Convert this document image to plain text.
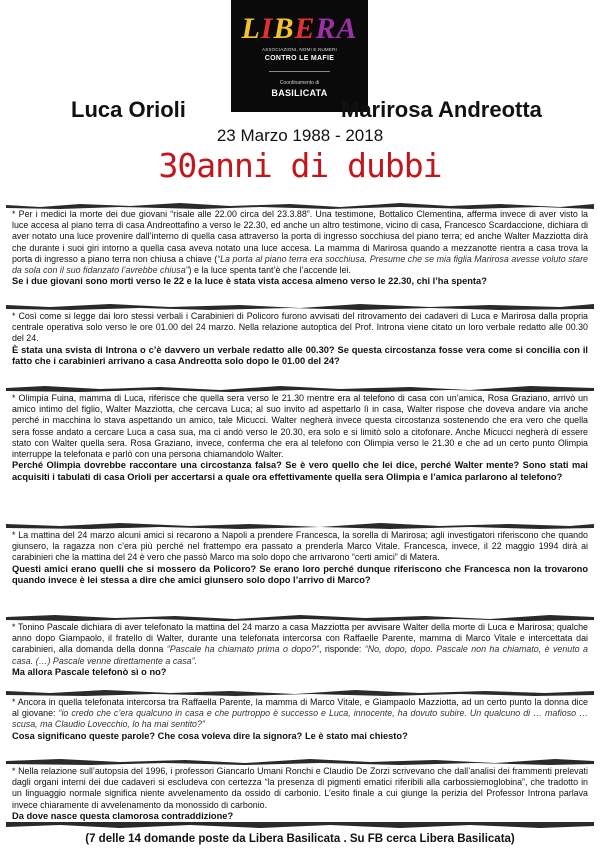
LIBERA
ASSOCIAZIONI, NOMI E NUMERI
CONTRO LE MAFIE
Coordinamento di
BASILICATA
Luca Orioli	Marirosa Andreotta
23 Marzo 1988 - 2018
30anni di dubbi

* Per i medici la morte dei due giovani “risale alle 22.00 circa del 23.3.88”. Una testimone, Bottalico Clementina, afferma invece di aver visto la luce accesa al piano terra di casa Andreottafino a verso le 22.30, ed anche un altro testimone, vicino di casa, Francesco Scardaccione, dichiara di aver notato una luce provenire dall’interno di quella casa attraverso la porta di ingresso socchiusa del piano terra; ed anche Walter Mazziotta dirà che durante i suoi giri intorno a quella casa aveva notato una luce accesa. La mamma di Marirosa quando a mezzanotte rientra a casa trova la porta di ingresso a piano terra non chiusa a chiave (“La porta al piano terra era socchiusa. Presume che se mia figlia Marirosa avesse voluto stare da sola con il suo fidanzato l’avrebbe chiusa”) e la luce spenta tant’è che l’accende lei.

Se i due giovani sono morti verso le 22 e la luce è stata vista accesa almeno verso le 22.30, chi l’ha spenta?

* Così come si legge dai loro stessi verbali i Carabinieri di Policoro furono avvisati del ritrovamento dei cadaveri di Luca e Marirosa dalla propria centrale operativa solo verso le ore 01.00 del 24 marzo. Nella relazione autoptica del Prof. Introna viene citato un loro verbale redatto alle 00.30 del 24.

È stata una svista di Introna o c’è davvero un verbale redatto alle 00.30? Se questa circostanza fosse vera come si concilia con il fatto che i carabinieri arrivano a casa Andreotta solo dopo le 01.00 del 24?

* Olimpia Fuina, mamma di Luca, riferisce che quella sera verso le 21.30 mentre era al telefono di casa con un’amica, Rosa Graziano, arrivò un amico intimo del figlio, Walter Mazziotta, che cercava Luca; al suo invito ad aspettarlo lì in casa, Walter rispose che doveva andare via anche perché in macchina lo stava aspettando un amico, tale Micucci. Walter negherà invece questa circostanza sostenendo che era vero che quella sera fosse andato a cercare Luca a casa sua, ma ci andò verso le 20.30, era solo e si limitò solo a citofonare. Anche Micucci negherà di essere stato con Walter quella sera. Rosa Graziano, invece, conferma che era al telefono con Olimpia verso le 21.30 e che ad un certo punto Olimpia interruppe la telefonata e parlò con una persona chiamandolo Walter.

Perché Olimpia dovrebbe raccontare una circostanza falsa? Se è vero quello che lei dice, perché Walter mente? Sono stati mai acquisiti i tabulati di casa Orioli per accertarsi a quale ora effettivamente quella sera Olimpia e l’amica parlarono al telefono?

* La mattina del 24 marzo alcuni amici si recarono a Napoli a prendere Francesca, la sorella di Marirosa; agli investigatori riferiscono che quando giunsero, la ragazza non c’era più perché nel frattempo era passato a prenderla Marco Vitale. Francesca, invece, il 22 maggio 1994 dirà ai carabinieri che la mattina del 24 è vero che passò Marco ma solo dopo che arrivarono “certi amici” di Matera.

Questi amici erano quelli che si mossero da Policoro? Se erano loro perché dunque riferiscono che Francesca non la trovarono quando invece è lei stessa a dire che amici giunsero solo dopo l’arrivo di Marco?

* Tonino Pascale dichiara di aver telefonato la mattina del 24 marzo a casa Mazziotta per avvisare Walter della morte di Luca e Marirosa; qualche anno dopo Giampaolo, il fratello di Walter, durante una telefonata intercorsa con Raffaelle Parente, mamma di Marco Vitale e intercettata dai carabinieri, alla domanda della donna “Pascale ha chiamato prima o dopo?”, risponde: “No, dopo, dopo. Pascale non ha chiamato, è venuto a casa. (…) Pascale venne direttamente a casa”.

Ma allora Pascale telefonò sì o no?

* Ancora in quella telefonata intercorsa tra Raffaella Parente, la mamma di Marco Vitale, e Giampaolo Mazziotta, ad un certo punto la donna dice al giovane: “io credo che c’era qualcuno in casa e che purtroppo è successo e Luca, innocente, ha dovuto subire. Un qualcuno di … mafioso … scusa, ma Claudio Lovecchio, lo ha mai sentito?”

Cosa significano queste parole? Che cosa voleva dire la signora? Le è stato mai chiesto?

* Nella relazione sull’autopsia del 1996, i professori Giancarlo Umani Ronchi e Claudio De Zorzi scrivevano che dall’analisi dei frammenti prelevati dagli organi interni dei due cadaveri si escludeva con certezza “la presenza di pigmenti ematici riferibili alla carbossiemoglobina”, che tradotto in un linguaggio normale significa niente avvelenamento da ossido di carbonio. L’esito finale a cui giunge la perizia del Professor Introna parlava invece chiaramente di avvelenamento da monossido di carbonio.

Da dove nasce questa clamorosa contraddizione?

(7 delle 14 domande poste da Libera Basilicata . Su FB cerca Libera Basilicata)
